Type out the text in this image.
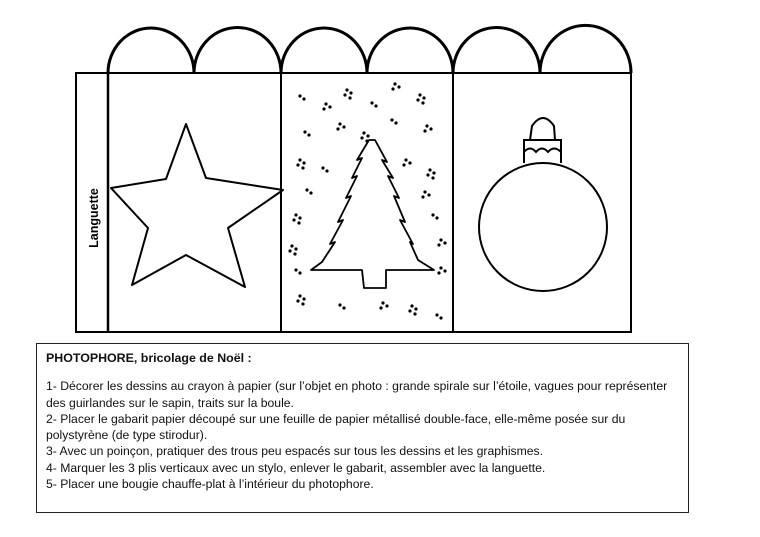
Languette
PHOTOPHORE, bricolage de Noël :
1- Décorer les dessins au crayon à papier (sur l’objet en photo : grande spirale sur l’étoile, vagues pour représenter des guirlandes sur le sapin, traits sur la boule.
2- Placer le gabarit papier découpé sur une feuille de papier métallisé double-face, elle-même posée sur du polystyrène (de type stirodur).
3- Avec un poinçon, pratiquer des trous peu espacés sur tous les dessins et les graphismes.
4- Marquer les 3 plis verticaux avec un stylo, enlever le gabarit, assembler avec la languette.
5- Placer une bougie chauffe-plat à l’intérieur du photophore.
